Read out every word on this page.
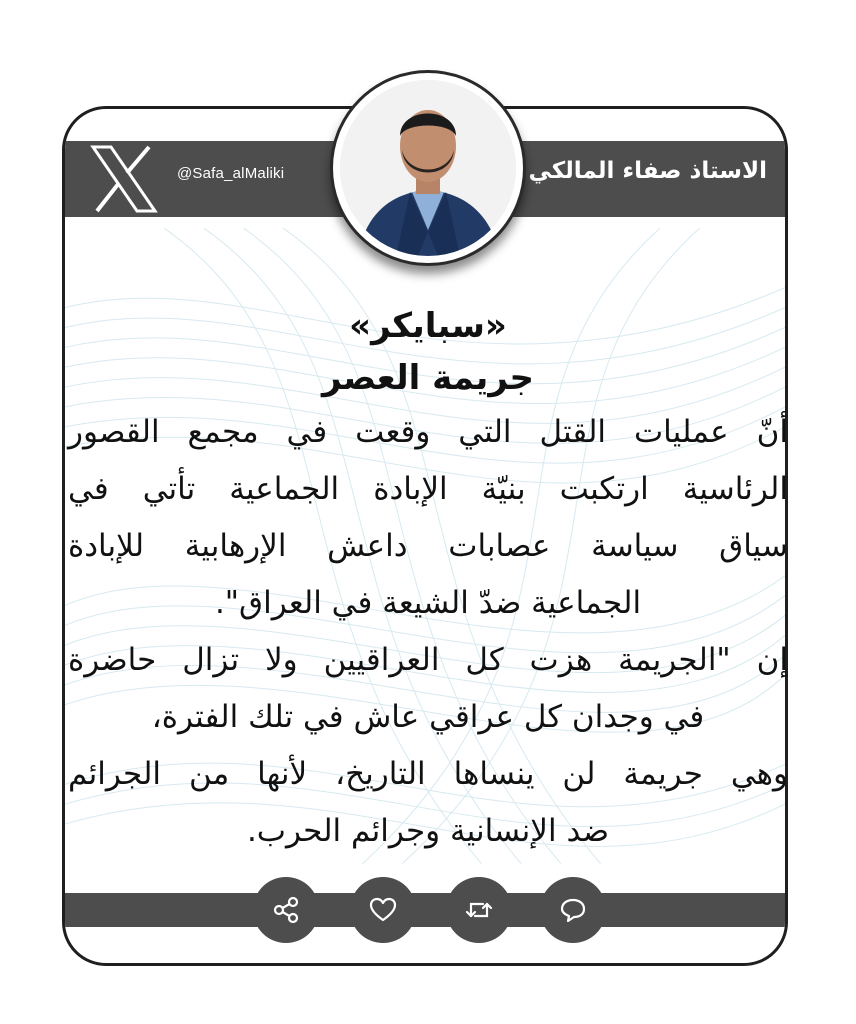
@Safa_alMaliki	الاستاذ صفاء المالكي
«سبايكر»
جريمة العصر
أنّ عمليات القتل التي وقعت في مجمع القصور
الرئاسية ارتكبت بنيّة الإبادة الجماعية تأتي في
سياق سياسة عصابات داعش الإرهابية للإبادة
الجماعية ضدّ الشيعة في العراق".
إن "الجريمة هزت كل العراقيين ولا تزال حاضرة
في وجدان كل عراقي عاش في تلك الفترة،
وهي جريمة لن ينساها التاريخ، لأنها من الجرائم
ضد الإنسانية وجرائم الحرب.
